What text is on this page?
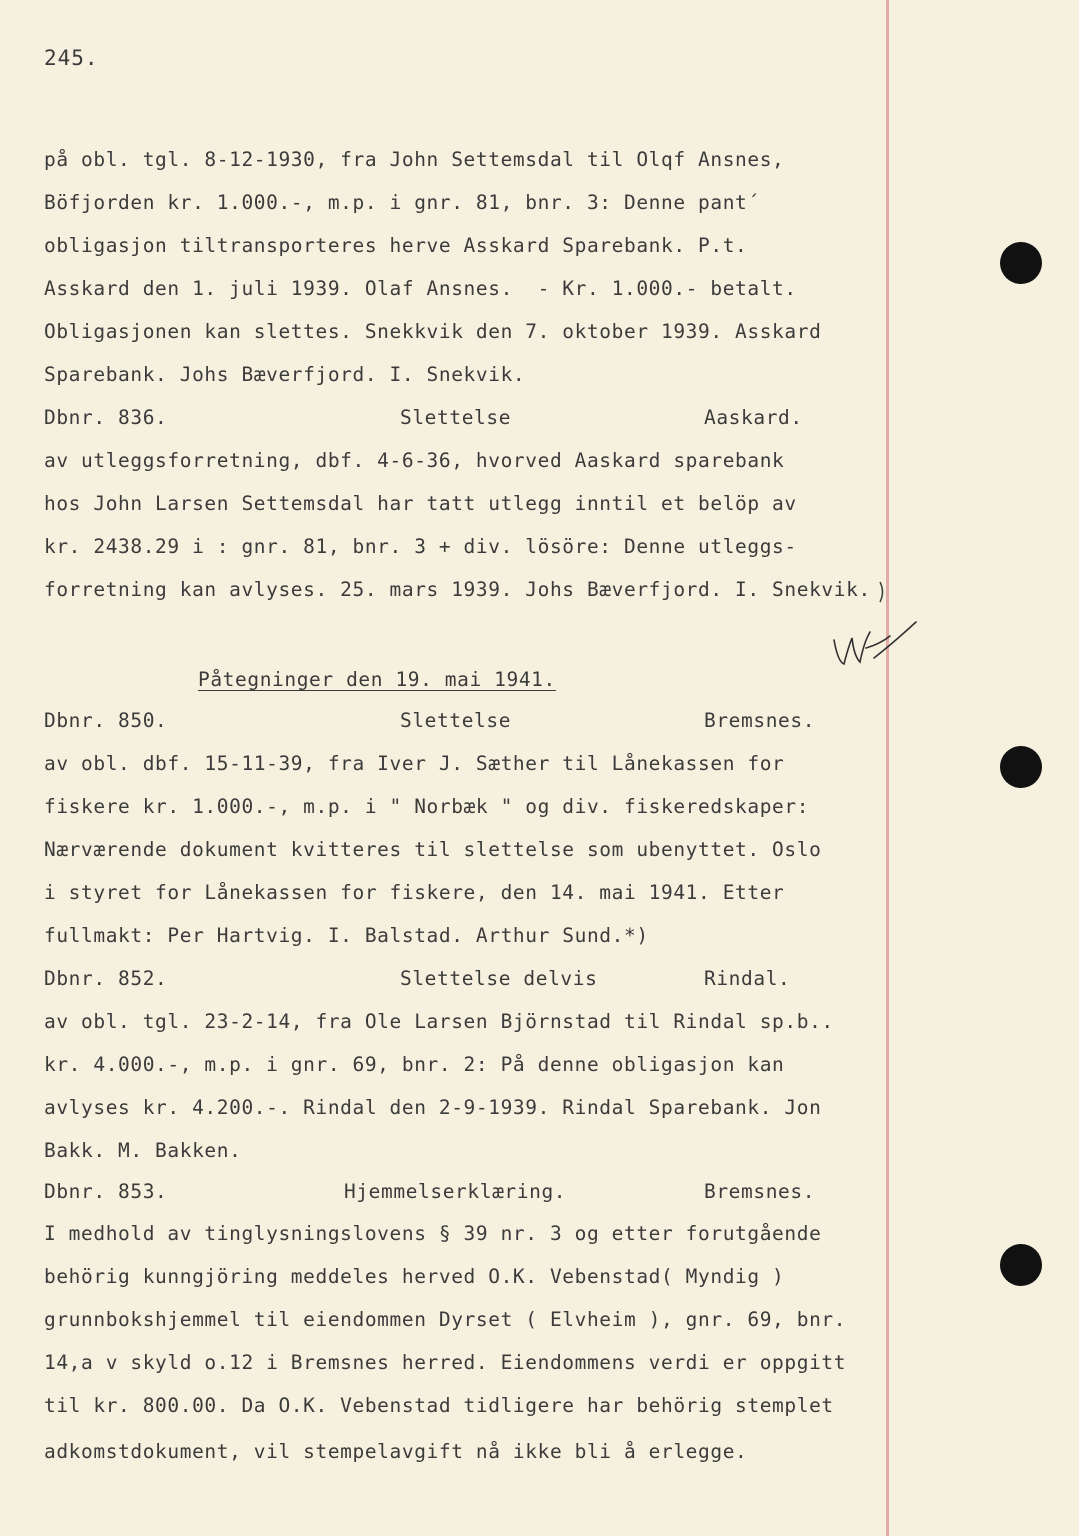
245.
på obl. tgl. 8-12-1930, fra John Settemsdal til Olqf Ansnes,
Böfjorden kr. 1.000.-, m.p. i gnr. 81, bnr. 3: Denne pant´
obligasjon tiltransporteres herve Asskard Sparebank. P.t.
Asskard den 1. juli 1939. Olaf Ansnes.  - Kr. 1.000.- betalt.
Obligasjonen kan slettes. Snekkvik den 7. oktober 1939. Asskard
Sparebank. Johs Bæverfjord. I. Snekvik.
Dbnr. 836.	Slettelse	Aaskard.
av utleggsforretning, dbf. 4-6-36, hvorved Aaskard sparebank
hos John Larsen Settemsdal har tatt utlegg inntil et belöp av
kr. 2438.29 i : gnr. 81, bnr. 3 + div. lösöre: Denne utleggs-
forretning kan avlyses. 25. mars 1939. Johs Bæverfjord. I. Snekvik.
Påtegninger den 19. mai 1941.
Dbnr. 850.	Slettelse	Bremsnes.
av obl. dbf. 15-11-39, fra Iver J. Sæther til Lånekassen for
fiskere kr. 1.000.-, m.p. i " Norbæk " og div. fiskeredskaper:
Nærværende dokument kvitteres til slettelse som ubenyttet. Oslo
i styret for Lånekassen for fiskere, den 14. mai 1941. Etter
fullmakt: Per Hartvig. I. Balstad. Arthur Sund.*)
Dbnr. 852.	Slettelse delvis	Rindal.
av obl. tgl. 23-2-14, fra Ole Larsen Björnstad til Rindal sp.b..
kr. 4.000.-, m.p. i gnr. 69, bnr. 2: På denne obligasjon kan
avlyses kr. 4.200.-. Rindal den 2-9-1939. Rindal Sparebank. Jon
Bakk. M. Bakken.
Dbnr. 853.	Hjemmelserklæring.	Bremsnes.
I medhold av tinglysningslovens § 39 nr. 3 og etter forutgående
behörig kunngjöring meddeles herved O.K. Vebenstad( Myndig )
grunnbokshjemmel til eiendommen Dyrset ( Elvheim ), gnr. 69, bnr.
14,a v skyld o.12 i Bremsnes herred. Eiendommens verdi er oppgitt
til kr. 800.00. Da O.K. Vebenstad tidligere har behörig stemplet
adkomstdokument, vil stempelavgift nå ikke bli å erlegge.
